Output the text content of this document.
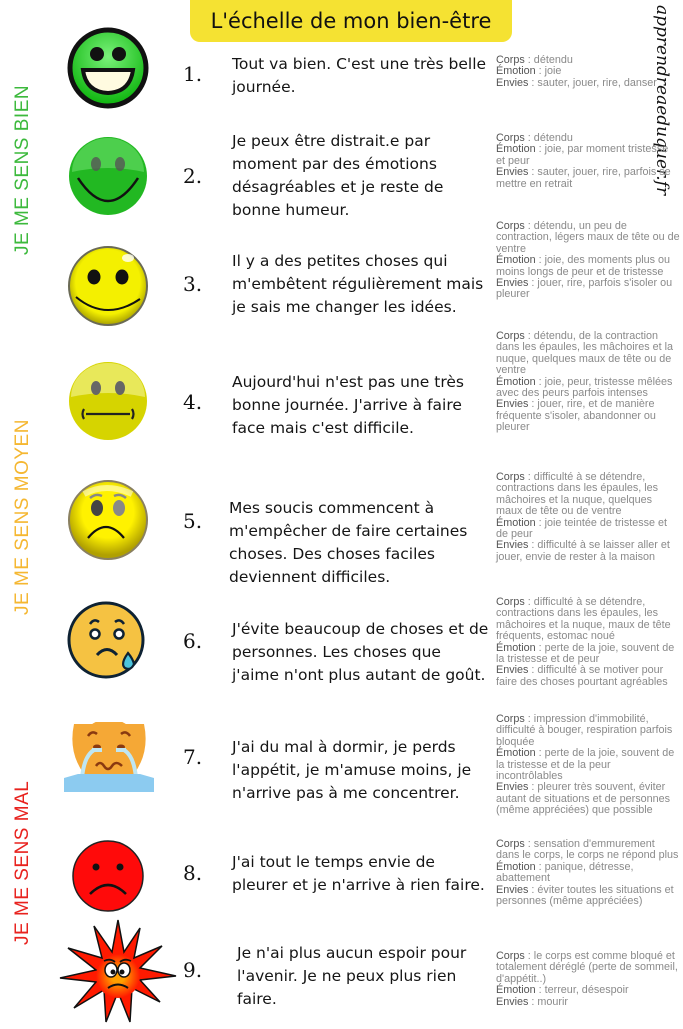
L'échelle de mon bien-être	apprendreaeduquer.fr
JE ME SENS BIEN
JE ME SENS MOYEN
JE ME SENS MAL
1. Tout va bien. C'est une très belle journée.
Corps : détendu
Émotion : joie
Envies : sauter, jouer, rire, danser
2.
Je peux être distrait.e par moment par des émotions désagréables et je reste de bonne humeur.
Corps : détendu
Émotion : joie, par moment tristesse et peur
Envies : sauter, jouer, rire, parfois se mettre en retrait
3.
Il y a des petites choses qui m'embêtent régulièrement mais je sais me changer les idées.
Corps : détendu, un peu de contraction, légers maux de tête ou de ventre
Émotion : joie, des moments plus ou moins longs de peur et de tristesse
Envies : jouer, rire, parfois s'isoler ou pleurer
4.
Aujourd'hui n'est pas une très bonne journée. J'arrive à faire face mais c'est difficile.
Corps : détendu, de la contraction dans les épaules, les mâchoires et la nuque, quelques maux de tête ou de ventre
Émotion : joie, peur, tristesse mêlées avec des peurs parfois intenses
Envies : jouer, rire, et de manière fréquente s'isoler, abandonner ou pleurer
5.
Mes soucis commencent à m'empêcher de faire certaines choses. Des choses faciles deviennent difficiles.
Corps : difficulté à se détendre, contractions dans les épaules, les mâchoires et la nuque, quelques maux de tête ou de ventre
Émotion : joie teintée de tristesse et de peur
Envies : difficulté à se laisser aller et jouer, envie de rester à la maison
6. J'évite beaucoup de choses et de personnes. Les choses que j'aime n'ont plus autant de goût.
Corps : difficulté à se détendre, contractions dans les épaules, les mâchoires et la nuque, maux de tête fréquents, estomac noué
Émotion : perte de la joie, souvent de la tristesse et de peur
Envies : difficulté à se motiver pour faire des choses pourtant agréables
7. J'ai du mal à dormir, je perds l'appétit, je m'amuse moins, je n'arrive pas à me concentrer.
Corps : impression d'immobilité, difficulté à bouger, respiration parfois bloquée
Émotion : perte de la joie, souvent de la tristesse et de la peur incontrôlables
Envies : pleurer très souvent, éviter autant de situations et de personnes (même appréciées) que possible
8. J'ai tout le temps envie de pleurer et je n'arrive à rien faire.
Corps : sensation d'emmurement dans le corps, le corps ne répond plus
Émotion : panique, détresse, abattement
Envies : éviter toutes les situations et personnes (même appréciées)
9.
Je n'ai plus aucun espoir pour l'avenir. Je ne peux plus rien faire.
Corps : le corps est comme bloqué et totalement déréglé (perte de sommeil, d'appétit..)
Émotion : terreur, désespoir
Envies : mourir
